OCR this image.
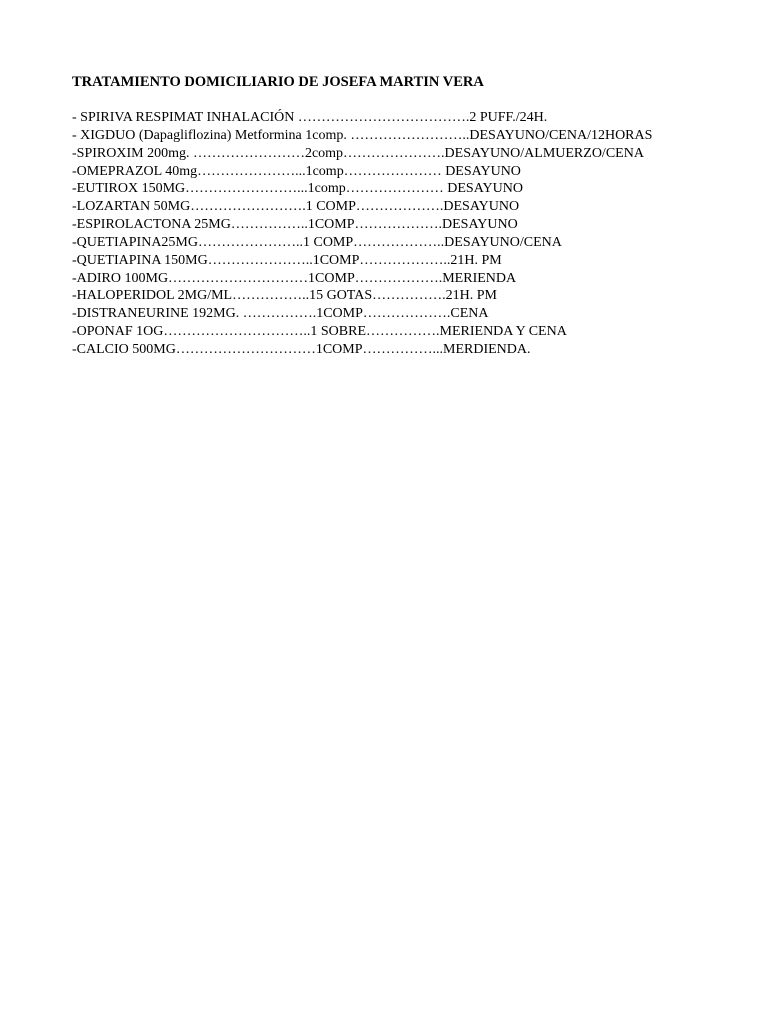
TRATAMIENTO DOMICILIARIO DE JOSEFA MARTIN VERA
- SPIRIVA RESPIMAT INHALACIÓN ……………………………….2 PUFF./24H.
- XIGDUO (Dapagliflozina) Metformina 1comp. ……………………..DESAYUNO/CENA/12HORAS
-SPIROXIM 200mg. ……………………2comp………………….DESAYUNO/ALMUERZO/CENA
-OMEPRAZOL 40mg…………………...1comp………………… DESAYUNO
-EUTIROX 150MG……………………...1comp………………… DESAYUNO
-LOZARTAN 50MG…………………….1 COMP……………….DESAYUNO
-ESPIROLACTONA 25MG……………..1COMP……………….DESAYUNO
-QUETIAPINA25MG…………………..1 COMP………………..DESAYUNO/CENA
-QUETIAPINA 150MG…………………..1COMP………………..21H. PM
-ADIRO 100MG…………………………1COMP……………….MERIENDA
-HALOPERIDOL 2MG/ML……………..15 GOTAS…………….21H. PM
-DISTRANEURINE 192MG. …………….1COMP……………….CENA
-OPONAF 1OG…………………………..1 SOBRE…………….MERIENDA Y CENA
-CALCIO 500MG…………………………1COMP……………...MERDIENDA.
